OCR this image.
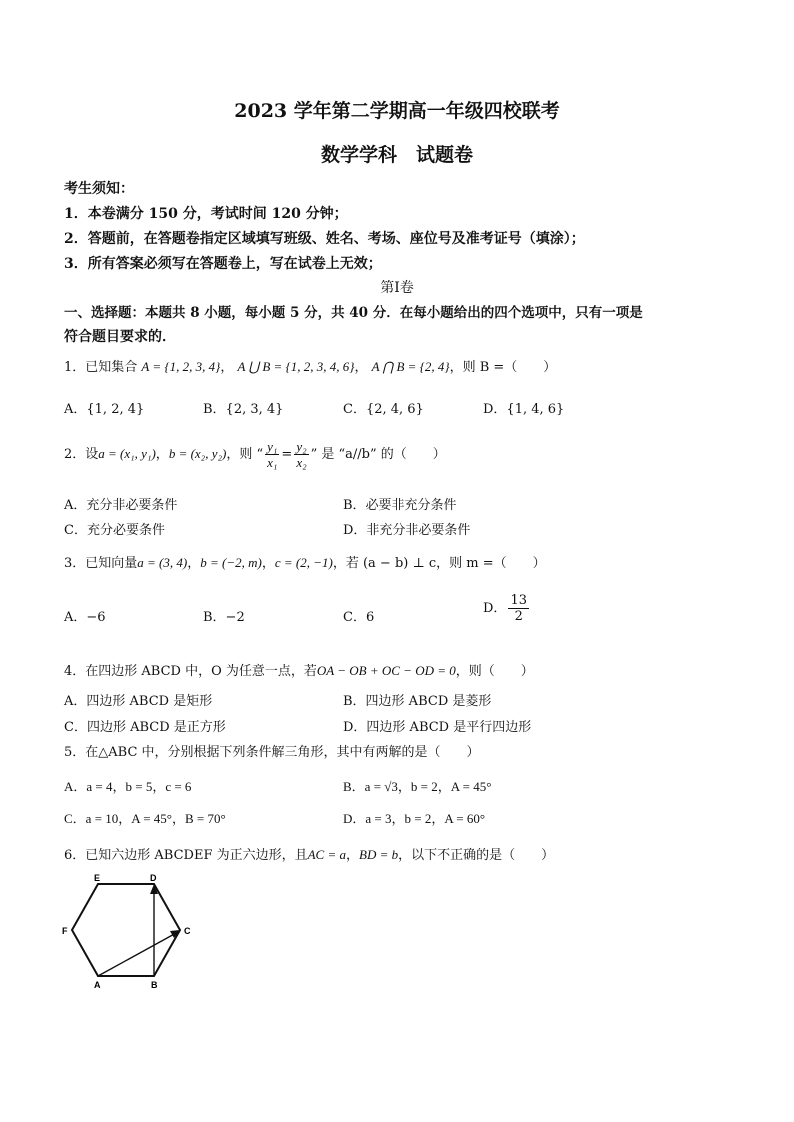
2023 学年第二学期高一年级四校联考
数学学科　试题卷
考生须知：
1．本卷满分 150 分，考试时间 120 分钟；
2．答题前，在答题卷指定区域填写班级、姓名、考场、座位号及准考证号（填涂）；
3．所有答案必须写在答题卷上，写在试卷上无效；
第Ⅰ卷
一、选择题：本题共 8 小题，每小题 5 分，共 40 分．在每小题给出的四个选项中，只有一项是
符合题目要求的．
1．已知集合 A = {1, 2, 3, 4}， A ⋃ B = {1, 2, 3, 4, 6}， A ⋂ B = {2, 4}，则 B =（　　）
A．{1, 2, 4}	B．{2, 3, 4}	C．{2, 4, 6}	D．{1, 4, 6}
2．设a = (x₁, y₁)，b = (x₂, y₂)，则 “ $\frac{\text{y₁}}{\text{x₁}} = \frac{\text{y₂}}{\text{x₂}}$ ” 是 “a//b” 的（　　）
A．充分非必要条件	B．必要非充分条件
C．充分必要条件	D．非充分非必要条件
3．已知向量a = (3, 4)，b = (−2, m)，c = (2, −1)，若 (a − b) ⊥ c，则 m =（　　）
A．−6	B．−2	C．6
D． $\frac{13}{2}$
4．在四边形 ABCD 中，O 为任意一点，若OA − OB + OC − OD = 0，则（　　）
A．四边形 ABCD 是矩形	B．四边形 ABCD 是菱形
C．四边形 ABCD 是正方形	D．四边形 ABCD 是平行四边形
5．在△ABC 中，分别根据下列条件解三角形，其中有两解的是（　　）
A．a = 4，b = 5，c = 6	B．a = √3，b = 2，A = 45°
C．a = 10，A = 45°，B = 70°	D．a = 3，b = 2，A = 60°
6．已知六边形 ABCDEF 为正六边形，且AC = a，BD = b，以下不正确的是（　　）
E	D
F	C
A	B
